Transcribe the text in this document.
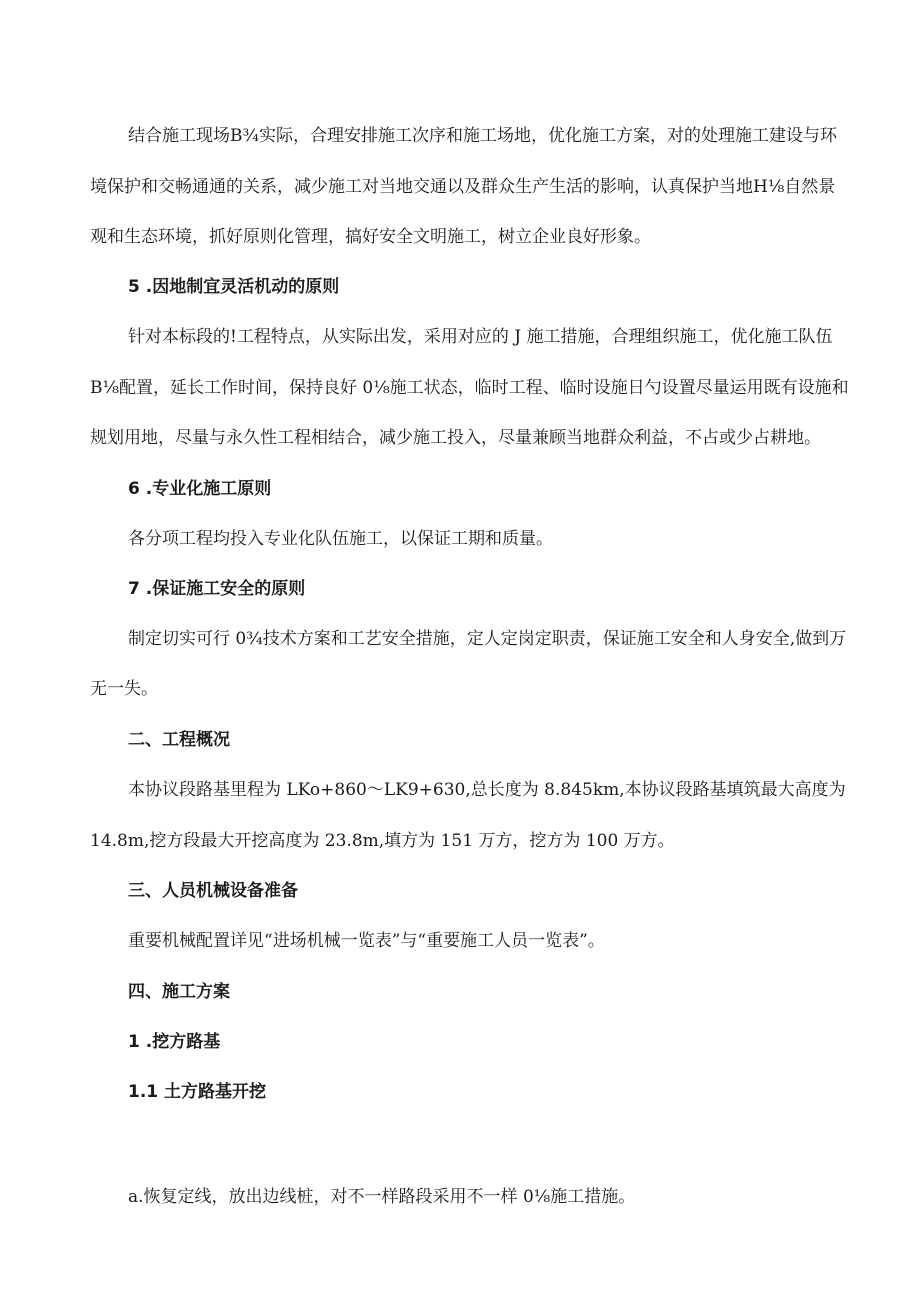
结合施工现场B¾实际，合理安排施工次序和施工场地，优化施工方案，对的处理施工建设与环
境保护和交畅通通的关系，减少施工对当地交通以及群众生产生活的影响，认真保护当地H⅛自然景
观和生态环境，抓好原则化管理，搞好安全文明施工，树立企业良好形象。
5 .因地制宜灵活机动的原则
针对本标段的!工程特点，从实际出发，采用对应的 J 施工措施，合理组织施工，优化施工队伍
B⅛配置，延长工作时间，保持良好 0⅛施工状态，临时工程、临时设施日勺设置尽量运用既有设施和
规划用地，尽量与永久性工程相结合，减少施工投入，尽量兼顾当地群众利益，不占或少占耕地。
6 .专业化施工原则
各分项工程均投入专业化队伍施工，以保证工期和质量。
7 .保证施工安全的原则
制定切实可行 0¾技术方案和工艺安全措施，定人定岗定职责，保证施工安全和人身安全,做到万
无一失。
二、工程概况
本协议段路基里程为 LKo+860～LK9+630,总长度为 8.845km,本协议段路基填筑最大高度为
14.8m,挖方段最大开挖高度为 23.8m,填方为 151 万方，挖方为 100 万方。
三、人员机械设备准备
重要机械配置详见“进场机械一览表”与“重要施工人员一览表”。
四、施工方案
1 .挖方路基
1.1 土方路基开挖
a.恢复定线，放出边线桩，对不一样路段采用不一样 0⅛施工措施。
